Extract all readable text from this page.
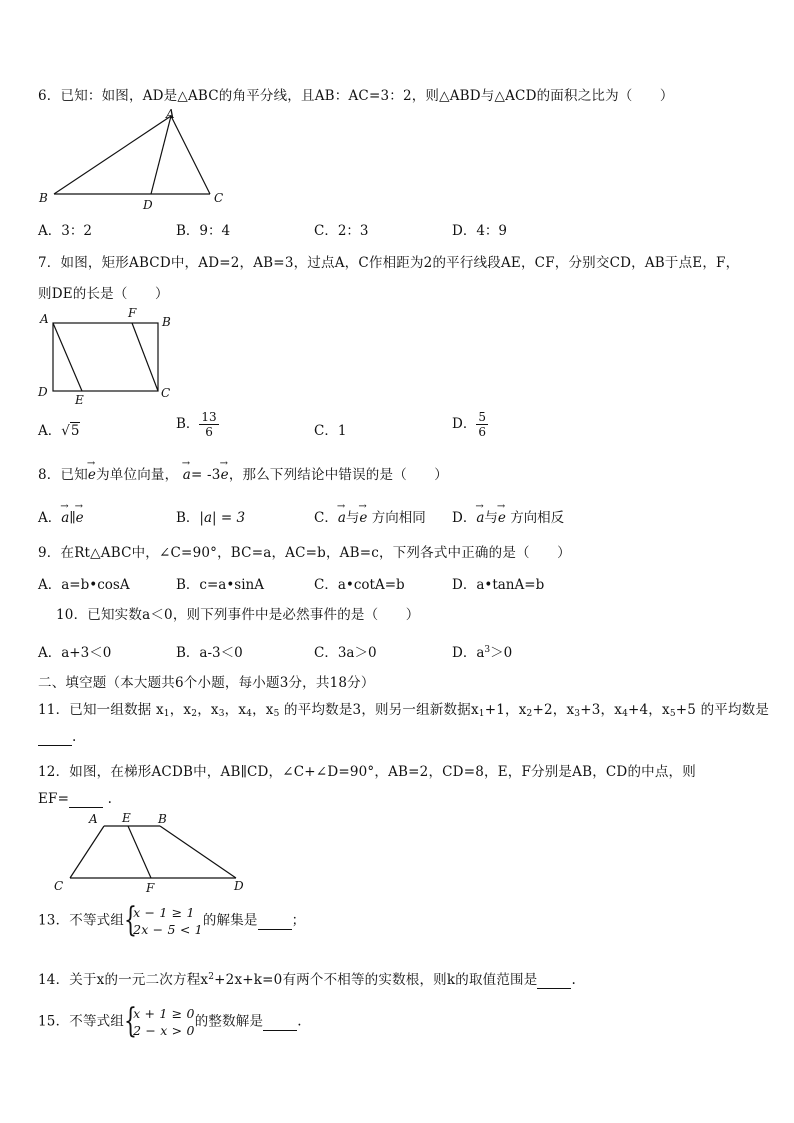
6．已知：如图，AD是△ABC的角平分线，且AB：AC=3：2，则△ABD与△ACD的面积之比为（　　）
A
B	C
D
A．3：2	B．9：4	C．2：3	D．4：9
7．如图，矩形ABCD中，AD=2，AB=3，过点A，C作相距为2的平行线段AE，CF，分别交CD，AB于点E，F，
则DE的长是（　　）
A	F
B
D
E	C
A．√5	B． $\frac{13}{6}$	C．1	D． $\frac{5}{6}$
8．已知→ e为单位向量， → a= -3→ e，那么下列结论中错误的是（　　）
A．→ a∥→ e	B．|a| = 3	C．→ a与→ e 方向相同 D．→ a与→ e 方向相反
9．在Rt△ABC中，∠C=90°，BC=a，AC=b，AB=c，下列各式中正确的是（　　）
A．a=b•cosA	B．c=a•sinA	C．a•cotA=b	D．a•tanA=b
10．已知实数a＜0，则下列事件中是必然事件的是（　　）
A．a+3＜0	B．a-3＜0	C．3a＞0	D．$a^3>0$
二、填空题（本大题共6个小题，每小题3分，共18分）
11．已知一组数据 $x_1$，$x_2$，$x_3$，$x_4$，$x_5$ 的平均数是3，则另一组新数据$x_1+1$，$x_2+2$，$x_3+3$，$x_4+4$，$x_5+5$ 的平均数是
.
12．如图，在梯形ACDB中，AB∥CD，∠C+∠D=90°，AB=2，CD=8，E，F分别是AB，CD的中点，则
EF=	.
A E B
C	F	D
13．不等式组 {
x − 1 ≥ 1
2x − 5 < 1
的解集是	；
14．关于x的一元二次方程$x^2+2x+k=0$有两个不相等的实数根，则k的取值范围是	.
15．不等式组 {
x + 1 ≥ 0
2 − x > 0
的整数解是	.
